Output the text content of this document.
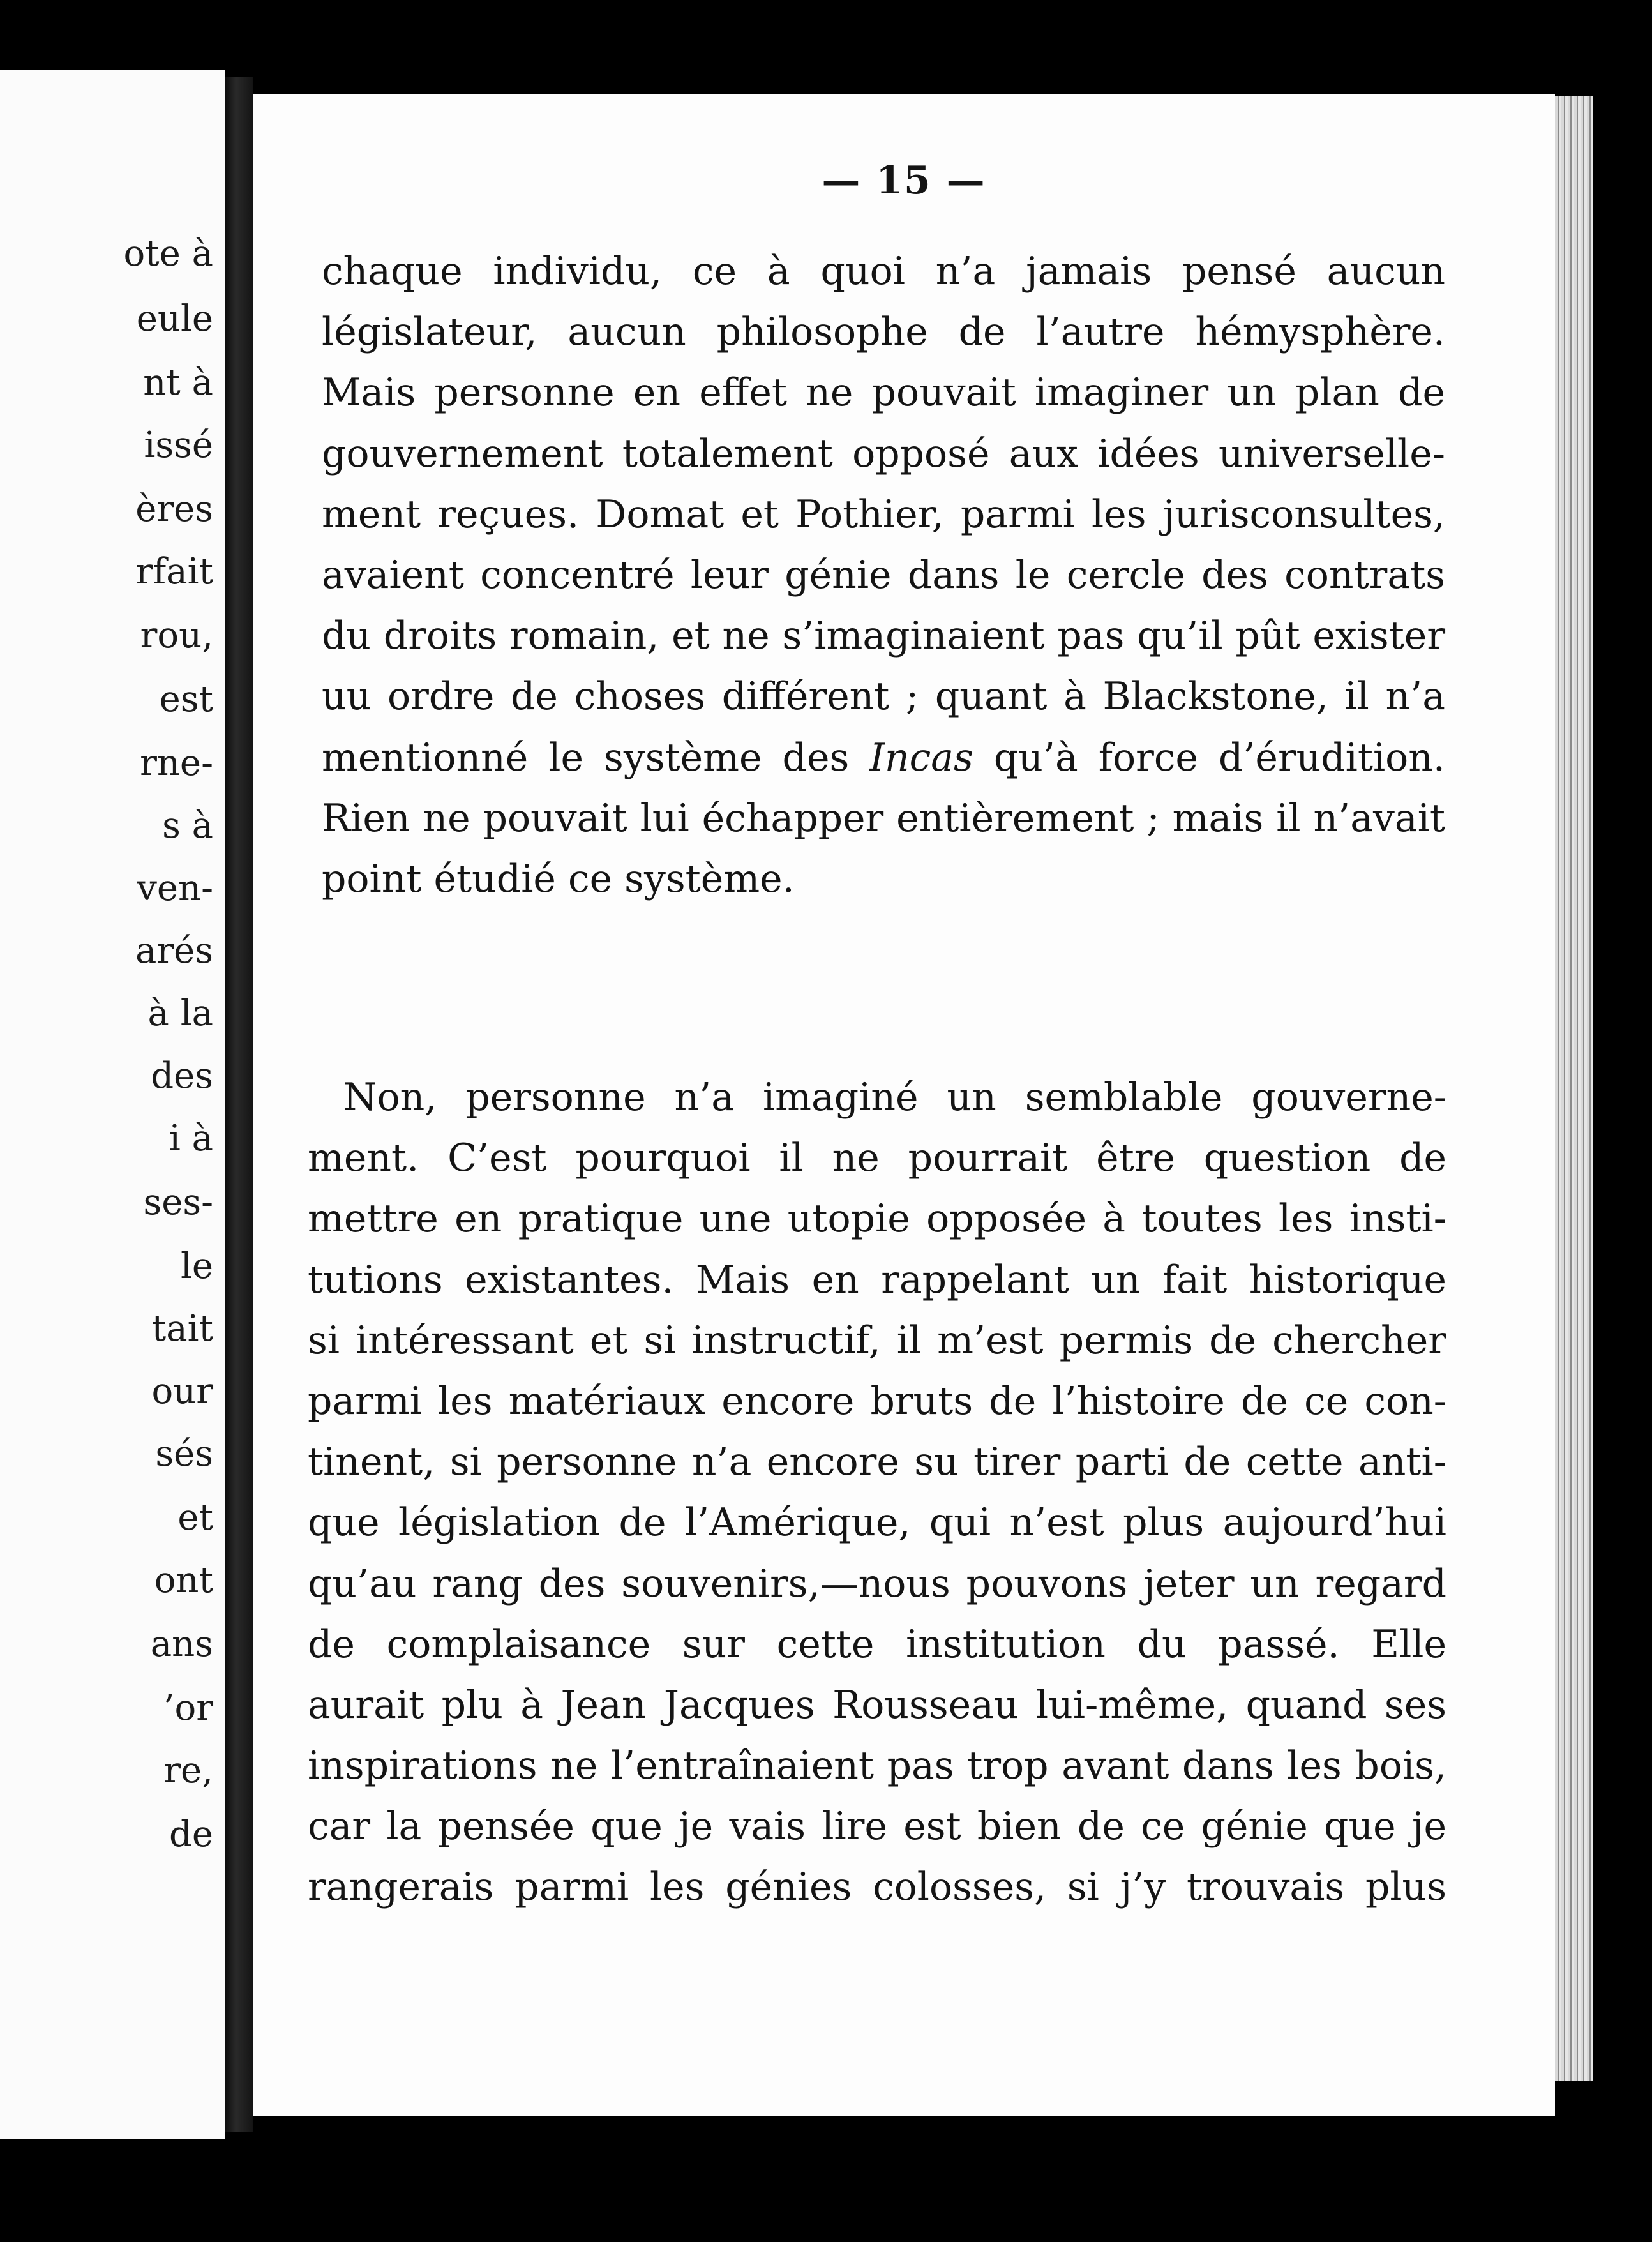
ote à
eule
nt à
issé
ères
rfait
rou,
est
rne-
s à
ven-
arés
à la
des
i à
ses-
le
tait
our
sés
et
ont
ans
’or
re,
de
— 15 —
chaque individu, ce à quoi n’a jamais pensé aucun
législateur, aucun philosophe de l’autre hémysphère.
Mais personne en effet ne pouvait imaginer un plan de
gouvernement totalement opposé aux idées universelle-
ment reçues. Domat et Pothier, parmi les jurisconsultes,
avaient concentré leur génie dans le cercle des contrats
du droits romain, et ne s’imaginaient pas qu’il pût exister
uu ordre de choses différent ; quant à Blackstone, il n’a
mentionné le système des Incas qu’à force d’érudition.
Rien ne pouvait lui échapper entièrement ; mais il n’avait
point étudié ce système.
Non, personne n’a imaginé un semblable gouverne-
ment. C’est pourquoi il ne pourrait être question de
mettre en pratique une utopie opposée à toutes les insti-
tutions existantes. Mais en rappelant un fait historique
si intéressant et si instructif, il m’est permis de chercher
parmi les matériaux encore bruts de l’histoire de ce con-
tinent, si personne n’a encore su tirer parti de cette anti-
que législation de l’Amérique, qui n’est plus aujourd’hui
qu’au rang des souvenirs,—nous pouvons jeter un regard
de complaisance sur cette institution du passé. Elle
aurait plu à Jean Jacques Rousseau lui-même, quand ses
inspirations ne l’entraînaient pas trop avant dans les bois,
car la pensée que je vais lire est bien de ce génie que je
rangerais parmi les génies colosses, si j’y trouvais plus
